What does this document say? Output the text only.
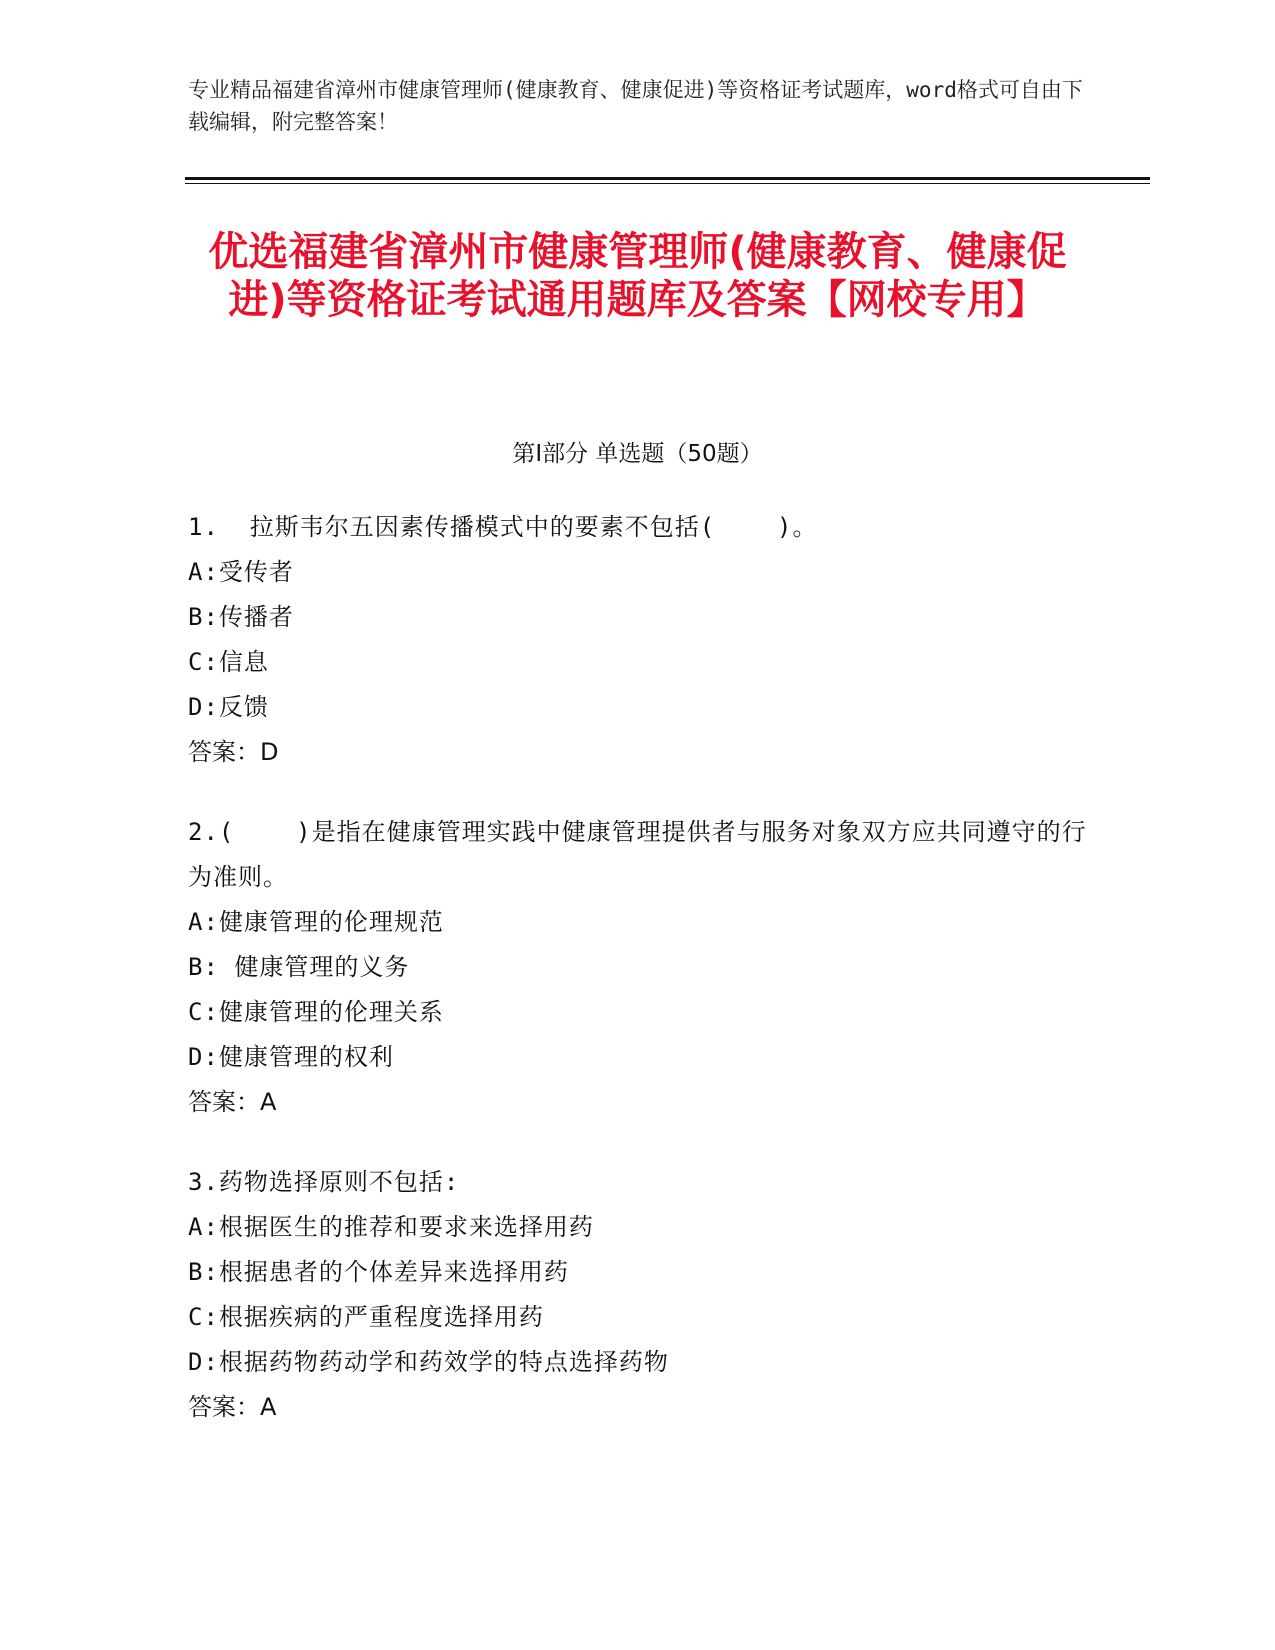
专业精品福建省漳州市健康管理师(健康教育、健康促进)等资格证考试题库，word格式可自由下载编辑，附完整答案！
优选福建省漳州市健康管理师(健康教育、健康促进)等资格证考试通用题库及答案【网校专用】
第Ⅰ部分 单选题（50题）
1.  拉斯韦尔五因素传播模式中的要素不包括(    )。
A:受传者
B:传播者
C:信息
D:反馈
答案：D
2.(    )是指在健康管理实践中健康管理提供者与服务对象双方应共同遵守的行为准则。
A:健康管理的伦理规范
B: 健康管理的义务
C:健康管理的伦理关系
D:健康管理的权利
答案：A
3.药物选择原则不包括:
A:根据医生的推荐和要求来选择用药
B:根据患者的个体差异来选择用药
C:根据疾病的严重程度选择用药
D:根据药物药动学和药效学的特点选择药物
答案：A
